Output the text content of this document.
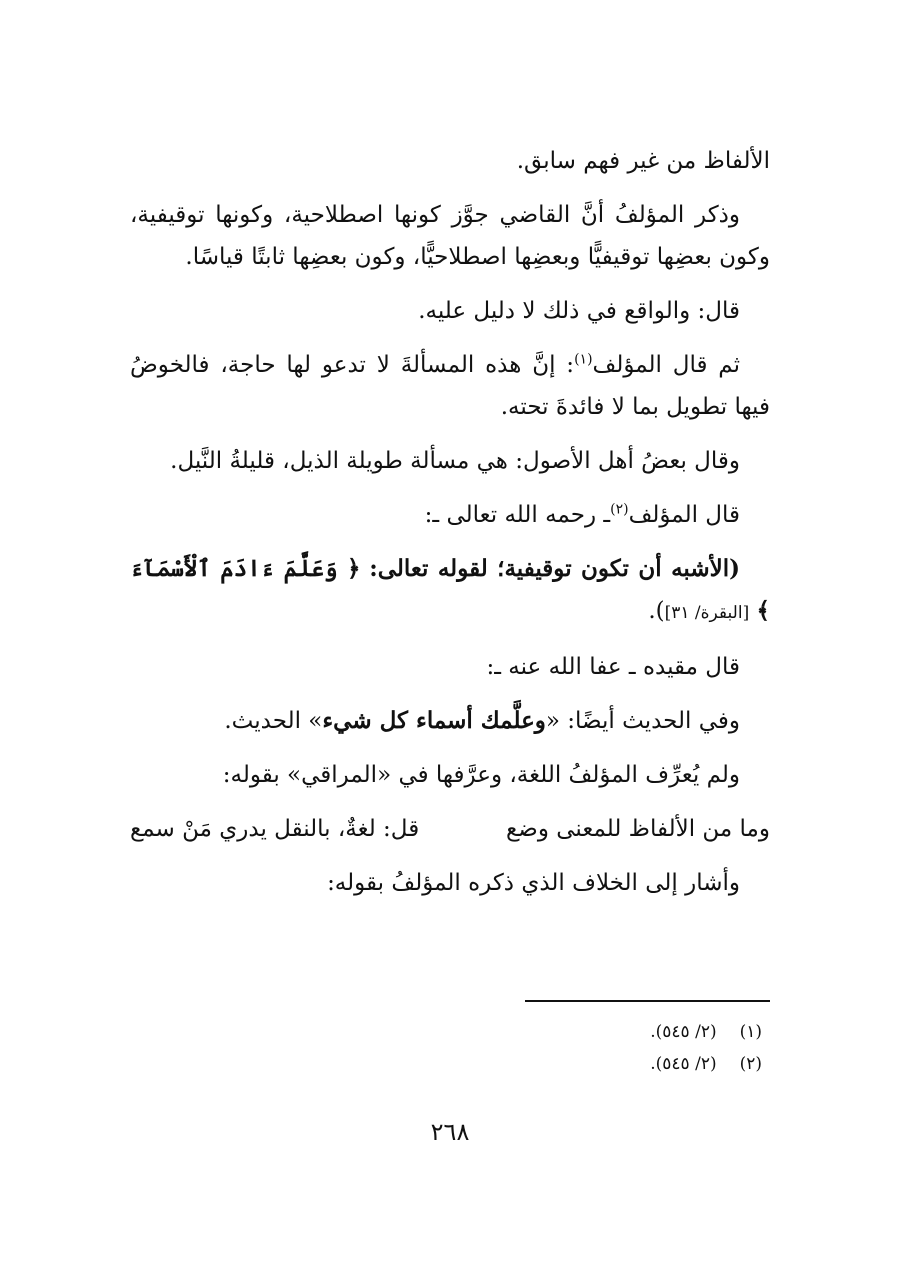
الألفاظ من غير فهم سابق.

وذكر المؤلفُ أنَّ القاضي جوَّز كونها اصطلاحية، وكونها توقيفية، وكون بعضِها توقيفيًّا وبعضِها اصطلاحيًّا، وكون بعضِها ثابتًا قياسًا.

قال: والواقع في ذلك لا دليل عليه.

ثم قال المؤلف$^{(١)}$: إنَّ هذه المسألةَ لا تدعو لها حاجة، فالخوضُ فيها تطويل بما لا فائدةَ تحته.

وقال بعضُ أهل الأصول: هي مسألة طويلة الذيل، قليلةُ النَّيل.

قال المؤلف$^{(٢)}$ـ رحمه الله تعالى ـ:

(الأشبه أن تكون توقيفية؛ لقوله تعالى: ﴿ وَعَلَّمَ ءَادَمَ ٱلْأَسْمَآءَ ﴾ [البقرة/ ٣١]).

قال مقيده ـ عفا الله عنه ـ:

وفي الحديث أيضًا: «وعلَّمك أسماء كل شيء» الحديث.

ولم يُعرِّف المؤلفُ اللغة، وعرَّفها في «المراقي» بقوله:

وما من الألفاظ للمعنى وضع
قل: لغةٌ، بالنقل يدري مَنْ سمع

وأشار إلى الخلاف الذي ذكره المؤلفُ بقوله:

(١) (٢/ ٥٤٥).
(٢) (٢/ ٥٤٥).
٢٦٨
